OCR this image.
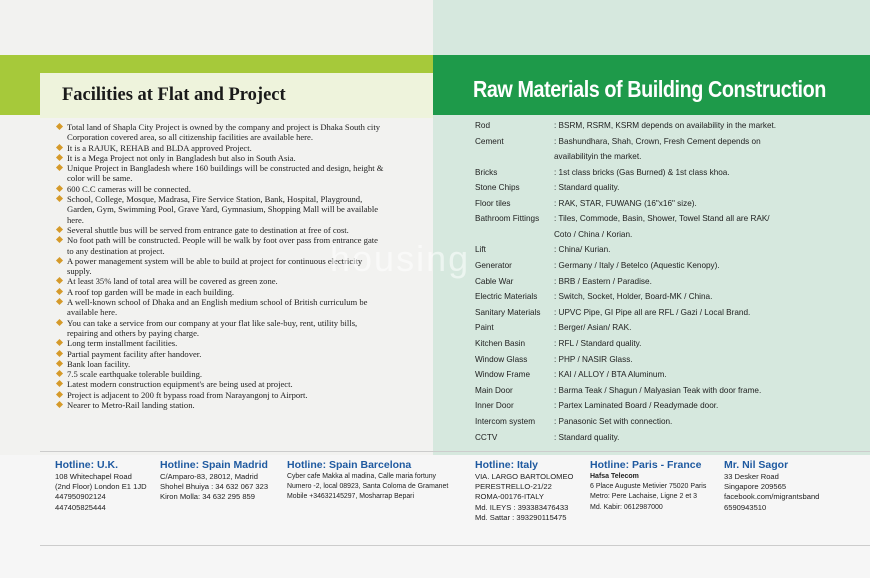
Facilities at Flat and Project	Raw Materials of Building Construction
Total land of Shapla City Project is owned by the company and project is Dhaka South city Corporation covered area, so all citizenship facilities are available here.
It is a RAJUK, REHAB and BLDA approved Project.
It is a Mega Project not only in Bangladesh but also in South Asia.
Unique Project in Bangladesh where 160 buildings will be constructed and design, height & color will be same.
600 C.C cameras will be connected.
School, College, Mosque, Madrasa, Fire Service Station, Bank, Hospital, Playground, Garden, Gym, Swimming Pool, Grave Yard, Gymnasium, Shopping Mall will be available here.
Several shuttle bus will be served from entrance gate to destination at free of cost.
No foot path will be constructed. People will be walk by foot over pass from entrance gate to any destination at project.
A power management system will be able to build at project for continuous electricity supply.
At least 35% land of total area will be covered as green zone.
A roof top garden will be made in each building.
A well-known school of Dhaka and an English medium school of British curriculum be available here.
You can take a service from our company at your flat like sale-buy, rent, utility bills, repairing and others by paying charge.
Long term installment facilities.
Partial payment facility after handover.
Bank loan facility.
7.5 scale earthquake tolerable building.
Latest modern construction equipment's are being used at project.
Project is adjacent to 200 ft bypass road from Narayangonj to Airport.
Nearer to Metro-Rail landing station.
Rod	: BSRM, RSRM, KSRM depends on availability in the market.
Cement	: Bashundhara, Shah, Crown, Fresh Cement depends on availabilityin the market.
Bricks	: 1st class bricks (Gas Burned) & 1st class khoa.
Stone Chips	: Standard quality.
Floor tiles	: RAK, STAR, FUWANG (16"x16" size).
Bathroom Fittings : Tiles, Commode, Basin, Shower, Towel Stand all are RAK/ Coto / China / Korian.
Lift	: China/ Kurian.
Generator	: Germany / Italy / Betelco (Aquestic Kenopy).
Cable War	: BRB / Eastern / Paradise.
Electric Materials : Switch, Socket, Holder, Board-MK / China.
Sanitary Materials : UPVC Pipe, GI Pipe all are RFL / Gazi / Local Brand.
Paint	: Berger/ Asian/ RAK.
Kitchen Basin	: RFL / Standard quality.
Window Glass	: PHP / NASIR Glass.
Window Frame	: KAI / ALLOY / BTA Aluminum.
Main Door	: Barma Teak / Shagun / Malyasian Teak with door frame.
Inner Door	: Partex Laminated Board / Readymade door.
Intercom system : Panasonic Set with connection.
CCTV	: Standard quality.
housing
Hotline: U.K.
108 Whitechapel Road
(2nd Floor) London E1 1JD
447950902124
447405825444
Hotline: Spain Madrid
C/Amparo-83, 28012, Madrid
Shohel Bhuiya : 34 632 067 323
Kiron Molla: 34 632 295 859
Hotline: Spain Barcelona
Cyber cafe Makka al madina, Calle maria fortuny
Numero -2, local 08923, Santa Coloma de Gramanet
Mobile +34632145297, Mosharrap Bepari
Hotline: Italy
VIA. LARGO BARTOLOMEO
PERESTRELLO-21/22
ROMA-00176-ITALY
Md. ILEYS : 393383476433
Md. Sattar : 393290115475
Hotline: Paris - France
Hafsa Telecom
6 Place Auguste Metivier 75020 Paris
Metro: Pere Lachaise, Ligne 2 et 3
Md. Kabir: 0612987000
Mr. Nil Sagor
33 Desker Road
Singapore 209565
facebook.com/migrantsband
6590943510
